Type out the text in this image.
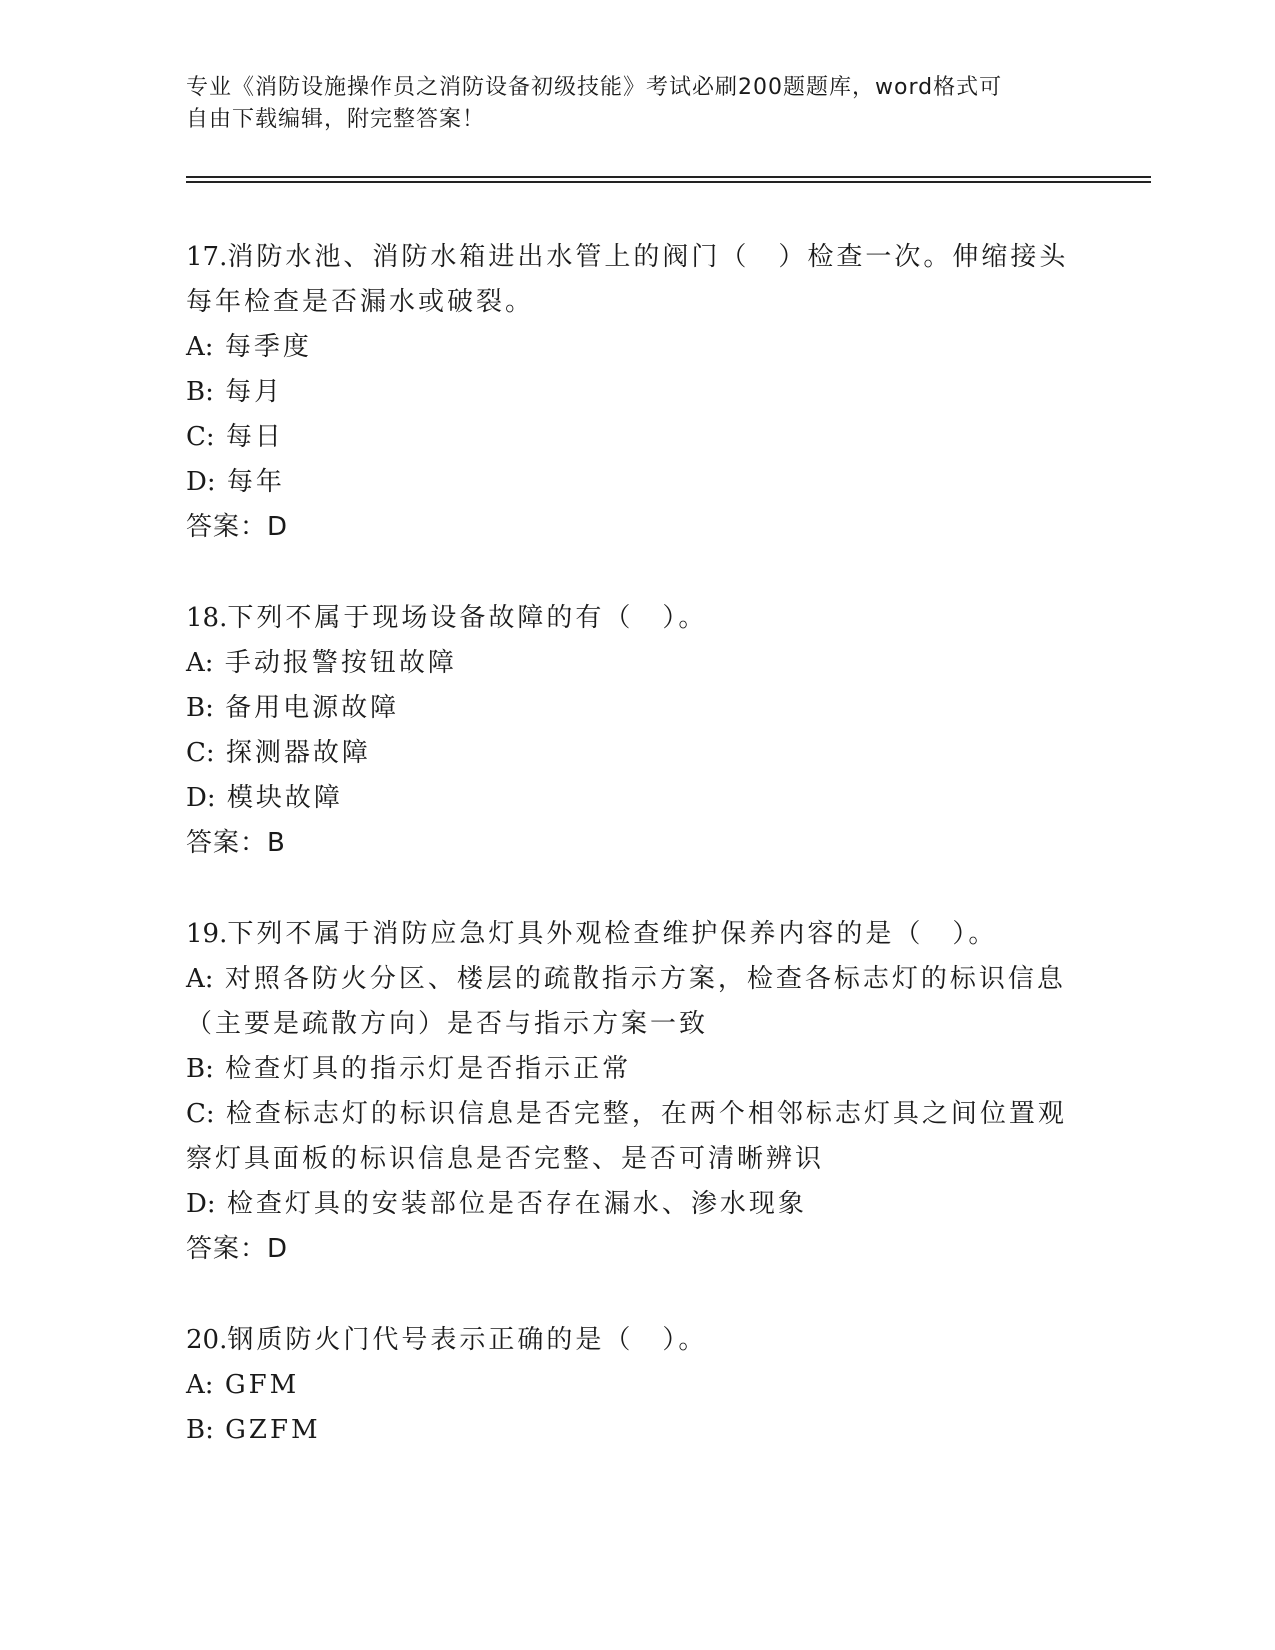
专业《消防设施操作员之消防设备初级技能》考试必刷200题题库，word格式可
自由下载编辑，附完整答案！

17.消防水池、消防水箱进出水管上的阀门（　）检查一次。伸缩接头每年检查是否漏水或破裂。

A: 每季度

B: 每月

C: 每日

D: 每年

答案：D

18.下列不属于现场设备故障的有（　）。

A: 手动报警按钮故障

B: 备用电源故障

C: 探测器故障

D: 模块故障

答案：B

19.下列不属于消防应急灯具外观检查维护保养内容的是（　）。

A: 对照各防火分区、楼层的疏散指示方案，检查各标志灯的标识信息（主要是疏散方向）是否与指示方案一致

B: 检查灯具的指示灯是否指示正常

C: 检查标志灯的标识信息是否完整，在两个相邻标志灯具之间位置观察灯具面板的标识信息是否完整、是否可清晰辨识

D: 检查灯具的安装部位是否存在漏水、渗水现象

答案：D

20.钢质防火门代号表示正确的是（　）。

A: GFM

B: GZFM
